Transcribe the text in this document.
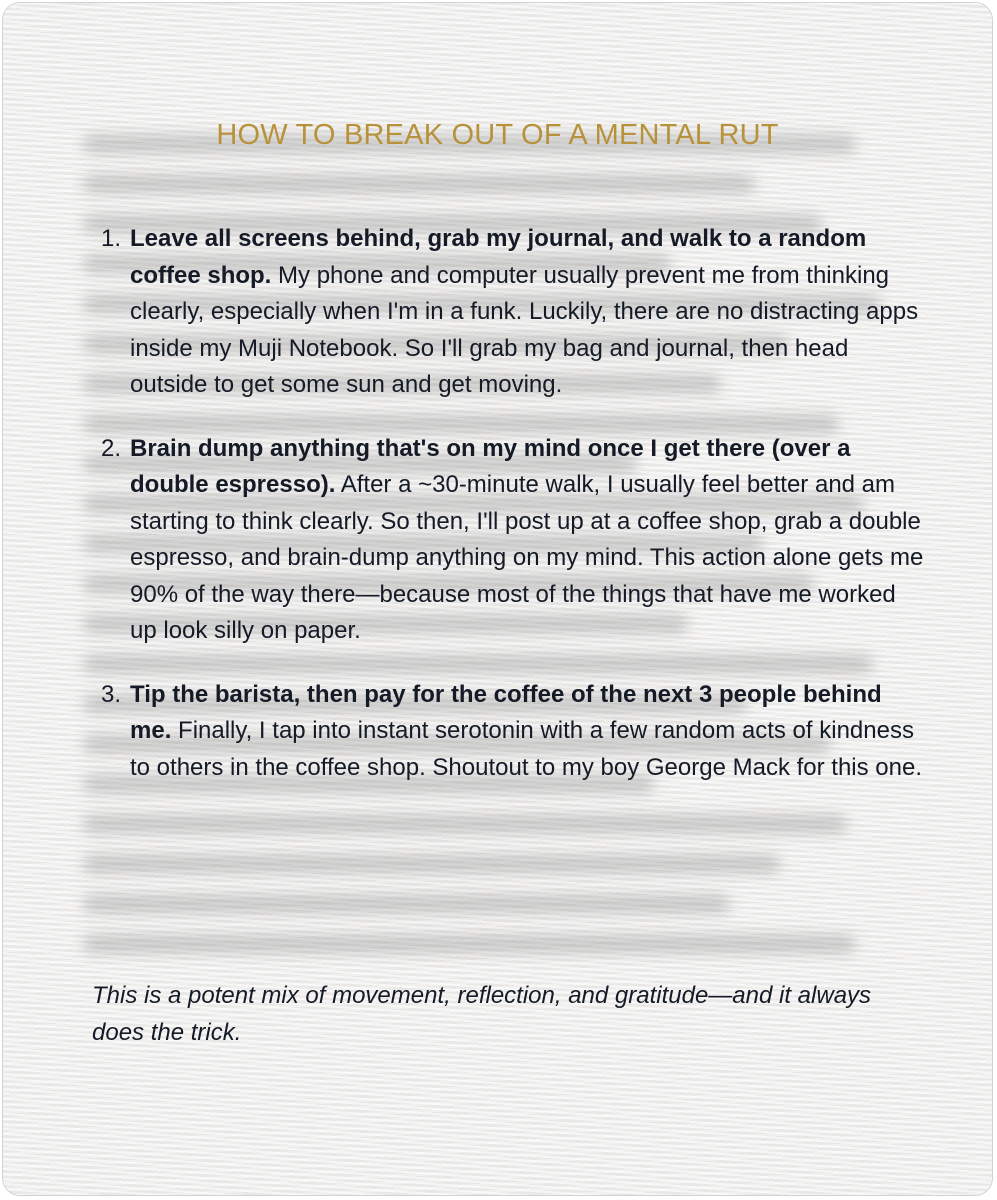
HOW TO BREAK OUT OF A MENTAL RUT
1. Leave all screens behind, grab my journal, and walk to a random coffee shop. My phone and computer usually prevent me from thinking clearly, especially when I'm in a funk. Luckily, there are no distracting apps inside my Muji Notebook. So I'll grab my bag and journal, then head outside to get some sun and get moving.
2. Brain dump anything that's on my mind once I get there (over a double espresso). After a ~30-minute walk, I usually feel better and am starting to think clearly. So then, I'll post up at a coffee shop, grab a double espresso, and brain-dump anything on my mind. This action alone gets me 90% of the way there—because most of the things that have me worked up look silly on paper.
3. Tip the barista, then pay for the coffee of the next 3 people behind me. Finally, I tap into instant serotonin with a few random acts of kindness to others in the coffee shop. Shoutout to my boy George Mack for this one.

This is a potent mix of movement, reflection, and gratitude—and it always does the trick.
